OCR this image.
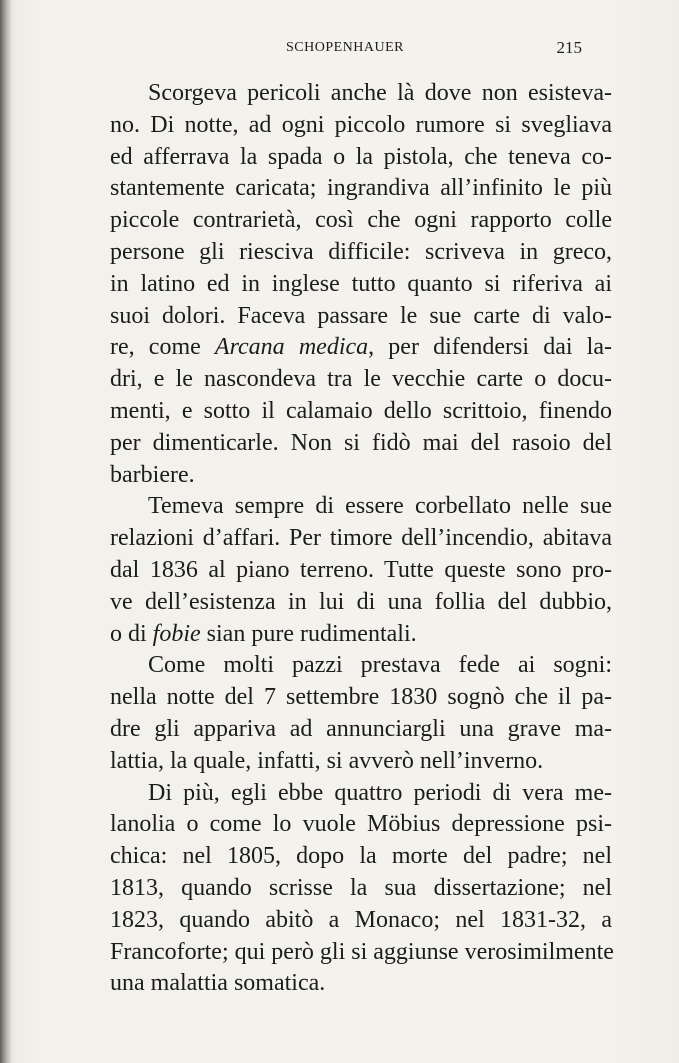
SCHOPENHAUER	215
Scorgeva pericoli anche là dove non esisteva-
no. Di notte, ad ogni piccolo rumore si svegliava
ed afferrava la spada o la pistola, che teneva co-
stantemente caricata; ingrandiva all’infinito le più
piccole contrarietà, così che ogni rapporto colle
persone gli riesciva difficile: scriveva in greco,
in latino ed in inglese tutto quanto si riferiva ai
suoi dolori. Faceva passare le sue carte di valo-
re, come Arcana medica, per difendersi dai la-
dri, e le nascondeva tra le vecchie carte o docu-
menti, e sotto il calamaio dello scrittoio, finendo
per dimenticarle. Non si fidò mai del rasoio del
barbiere.
Temeva sempre di essere corbellato nelle sue
relazioni d’affari. Per timore dell’incendio, abitava
dal 1836 al piano terreno. Tutte queste sono pro-
ve dell’esistenza in lui di una follia del dubbio,
o di fobie sian pure rudimentali.
Come molti pazzi prestava fede ai sogni:
nella notte del 7 settembre 1830 sognò che il pa-
dre gli appariva ad annunciargli una grave ma-
lattia, la quale, infatti, si avverò nell’inverno.
Di più, egli ebbe quattro periodi di vera me-
lanolia o come lo vuole Möbius depressione psi-
chica: nel 1805, dopo la morte del padre; nel
1813, quando scrisse la sua dissertazione; nel
1823, quando abitò a Monaco; nel 1831-32, a
Francoforte; qui però gli si aggiunse verosimilmente
una malattia somatica.
